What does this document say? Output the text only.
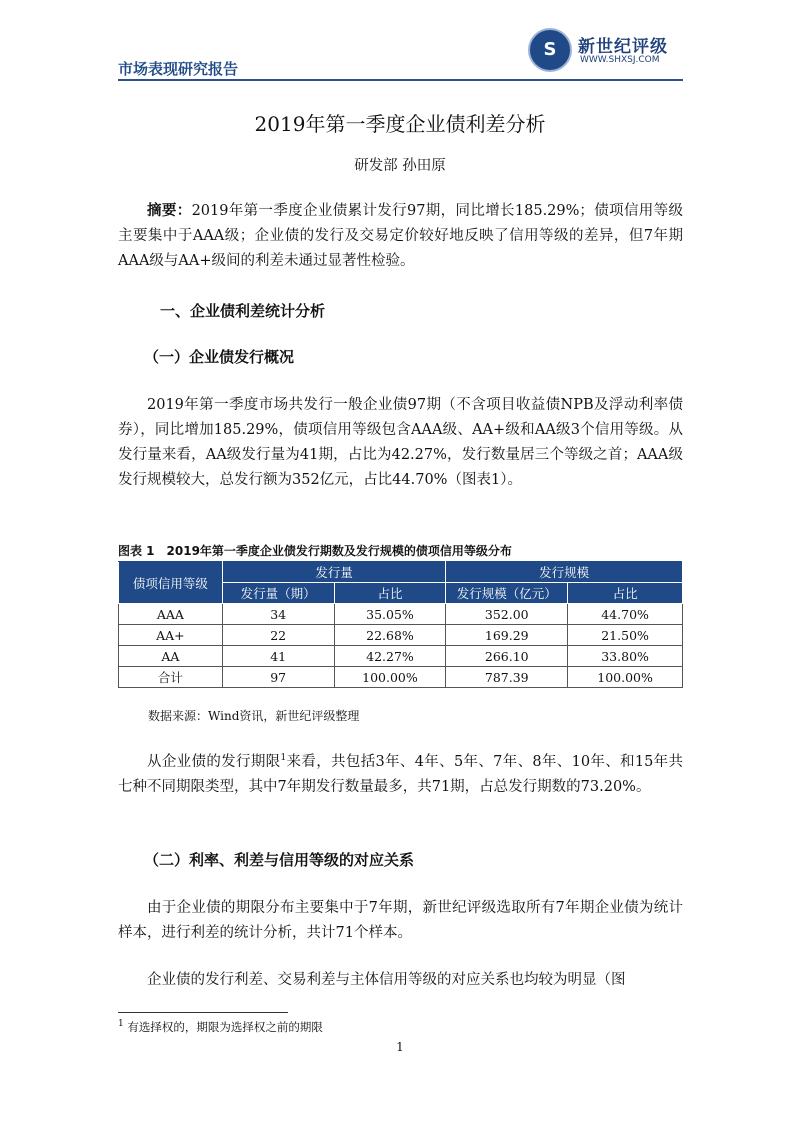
市场表现研究报告
S	新世纪评级
WWW.SHXSJ.COM
2019年第一季度企业债利差分析
研发部 孙田原
摘要：2019年第一季度企业债累计发行97期，同比增长185.29%；债项信用等级主要集中于AAA级；企业债的发行及交易定价较好地反映了信用等级的差异，但7年期AAA级与AA+级间的利差未通过显著性检验。
一、企业债利差统计分析
（一）企业债发行概况
2019年第一季度市场共发行一般企业债97期（不含项目收益债NPB及浮动利率债券），同比增加185.29%，债项信用等级包含AAA级、AA+级和AA级3个信用等级。从发行量来看，AA级发行量为41期，占比为42.27%，发行数量居三个等级之首；AAA级发行规模较大，总发行额为352亿元，占比44.70%（图表1）。
图表 1　2019年第一季度企业债发行期数及发行规模的债项信用等级分布
债项信用等级	发行量		发行规模	
	发行量（期）	占比	发行规模（亿元）	占比
AAA	34	35.05%	352.00	44.70%
AA+	22	22.68%	169.29	21.50%
AA	41	42.27%	266.10	33.80%
合计	97	100.00%	787.39	100.00%
数据来源：Wind资讯，新世纪评级整理
从企业债的发行期限$^1$来看，共包括3年、4年、5年、7年、8年、10年、和15年共七种不同期限类型，其中7年期发行数量最多，共71期，占总发行期数的73.20%。
（二）利率、利差与信用等级的对应关系
由于企业债的期限分布主要集中于7年期，新世纪评级选取所有7年期企业债为统计样本，进行利差的统计分析，共计71个样本。
企业债的发行利差、交易利差与主体信用等级的对应关系也均较为明显（图
$^1$ 有选择权的，期限为选择权之前的期限
1
